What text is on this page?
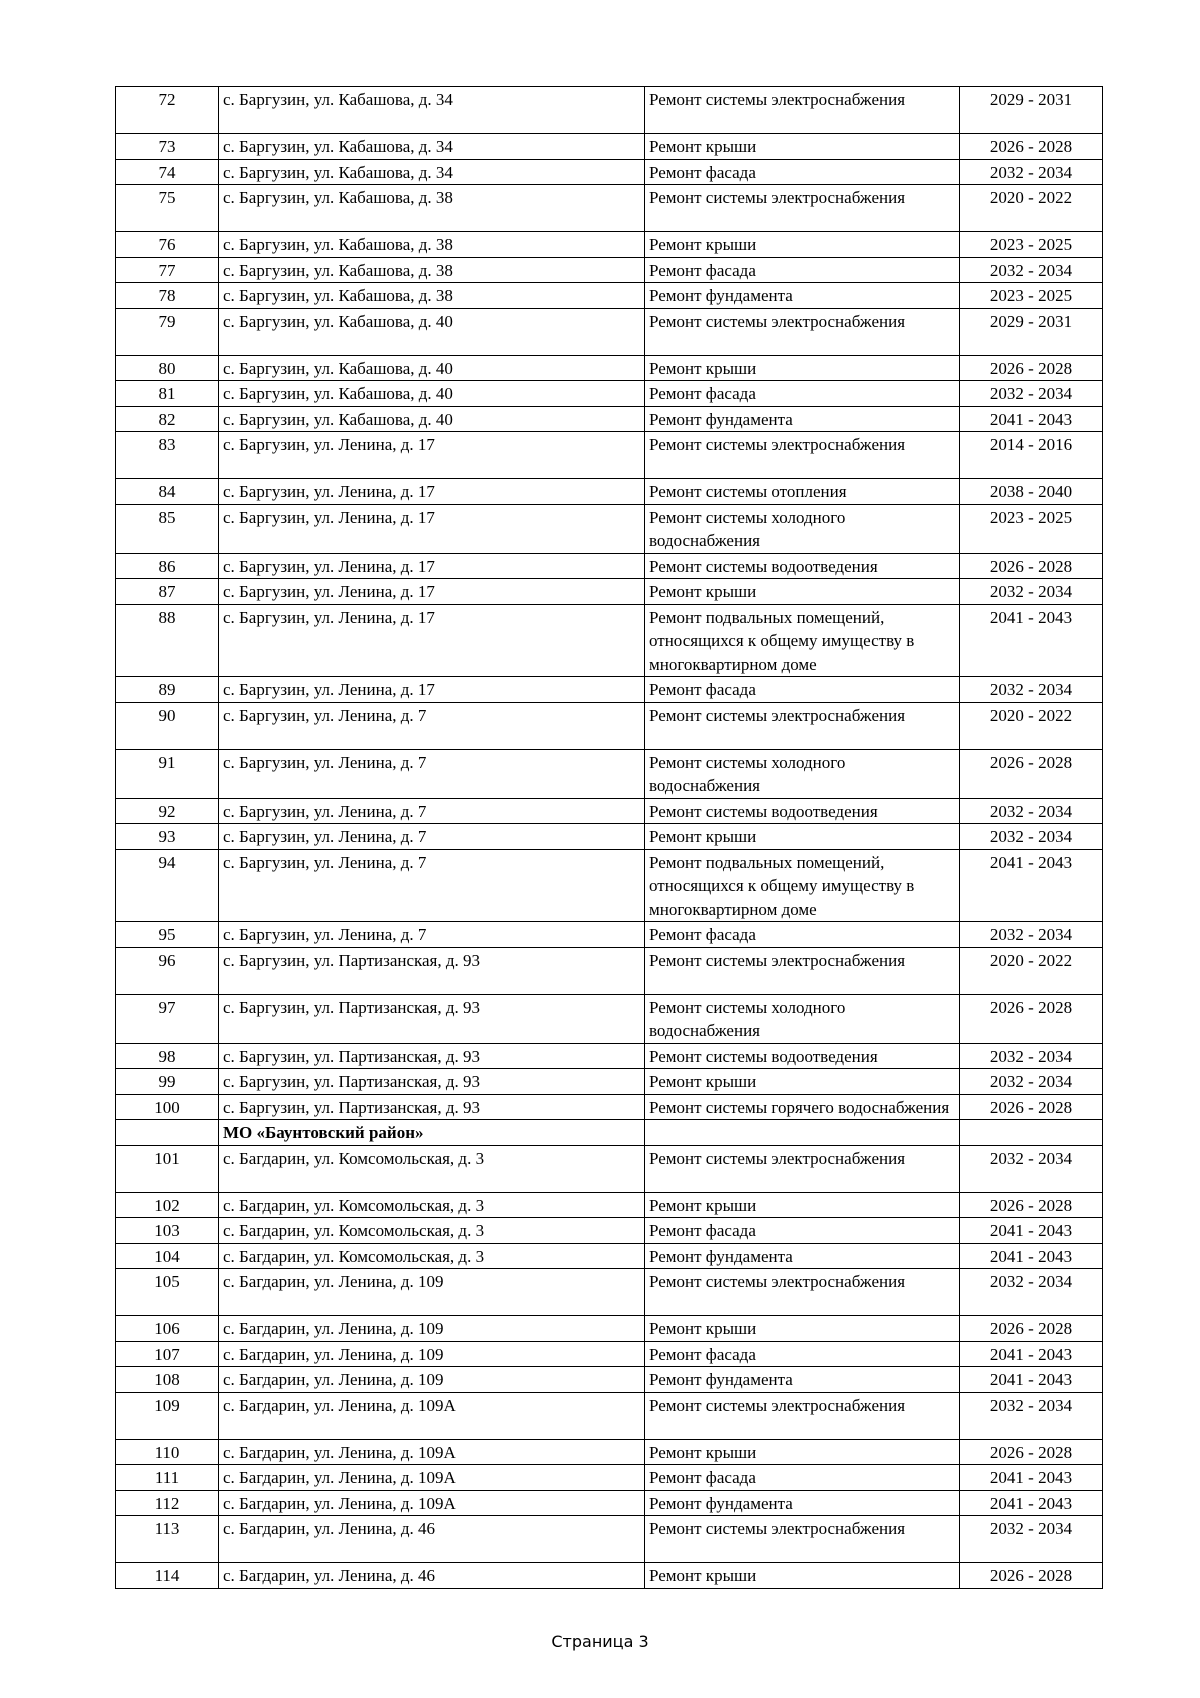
72	с. Баргузин, ул. Кабашова, д. 34	Ремонт системы электроснабжения	2029 - 2031
73	с. Баргузин, ул. Кабашова, д. 34	Ремонт крыши	2026 - 2028
74	с. Баргузин, ул. Кабашова, д. 34	Ремонт фасада	2032 - 2034
75	с. Баргузин, ул. Кабашова, д. 38	Ремонт системы электроснабжения	2020 - 2022
76	с. Баргузин, ул. Кабашова, д. 38	Ремонт крыши	2023 - 2025
77	с. Баргузин, ул. Кабашова, д. 38	Ремонт фасада	2032 - 2034
78	с. Баргузин, ул. Кабашова, д. 38	Ремонт фундамента	2023 - 2025
79	с. Баргузин, ул. Кабашова, д. 40	Ремонт системы электроснабжения	2029 - 2031
80	с. Баргузин, ул. Кабашова, д. 40	Ремонт крыши	2026 - 2028
81	с. Баргузин, ул. Кабашова, д. 40	Ремонт фасада	2032 - 2034
82	с. Баргузин, ул. Кабашова, д. 40	Ремонт фундамента	2041 - 2043
83	с. Баргузин, ул. Ленина, д. 17	Ремонт системы электроснабжения	2014 - 2016
84	с. Баргузин, ул. Ленина, д. 17	Ремонт системы отопления	2038 - 2040
85	с. Баргузин, ул. Ленина, д. 17	Ремонт системы холодного водоснабжения	2023 - 2025
86	с. Баргузин, ул. Ленина, д. 17	Ремонт системы водоотведения	2026 - 2028
87	с. Баргузин, ул. Ленина, д. 17	Ремонт крыши	2032 - 2034
88	с. Баргузин, ул. Ленина, д. 17	Ремонт подвальных помещений, относящихся к общему имуществу в многоквартирном доме	2041 - 2043
89	с. Баргузин, ул. Ленина, д. 17	Ремонт фасада	2032 - 2034
90	с. Баргузин, ул. Ленина, д. 7	Ремонт системы электроснабжения	2020 - 2022
91	с. Баргузин, ул. Ленина, д. 7	Ремонт системы холодного водоснабжения	2026 - 2028
92	с. Баргузин, ул. Ленина, д. 7	Ремонт системы водоотведения	2032 - 2034
93	с. Баргузин, ул. Ленина, д. 7	Ремонт крыши	2032 - 2034
94	с. Баргузин, ул. Ленина, д. 7	Ремонт подвальных помещений, относящихся к общему имуществу в многоквартирном доме	2041 - 2043
95	с. Баргузин, ул. Ленина, д. 7	Ремонт фасада	2032 - 2034
96	с. Баргузин, ул. Партизанская, д. 93	Ремонт системы электроснабжения	2020 - 2022
97	с. Баргузин, ул. Партизанская, д. 93	Ремонт системы холодного водоснабжения	2026 - 2028
98	с. Баргузин, ул. Партизанская, д. 93	Ремонт системы водоотведения	2032 - 2034
99	с. Баргузин, ул. Партизанская, д. 93	Ремонт крыши	2032 - 2034
100	с. Баргузин, ул. Партизанская, д. 93	Ремонт системы горячего водоснабжения	2026 - 2028
	МО «Баунтовский район»		
101	с. Багдарин, ул. Комсомольская, д. 3	Ремонт системы электроснабжения	2032 - 2034
102	с. Багдарин, ул. Комсомольская, д. 3	Ремонт крыши	2026 - 2028
103	с. Багдарин, ул. Комсомольская, д. 3	Ремонт фасада	2041 - 2043
104	с. Багдарин, ул. Комсомольская, д. 3	Ремонт фундамента	2041 - 2043
105	с. Багдарин, ул. Ленина, д. 109	Ремонт системы электроснабжения	2032 - 2034
106	с. Багдарин, ул. Ленина, д. 109	Ремонт крыши	2026 - 2028
107	с. Багдарин, ул. Ленина, д. 109	Ремонт фасада	2041 - 2043
108	с. Багдарин, ул. Ленина, д. 109	Ремонт фундамента	2041 - 2043
109	с. Багдарин, ул. Ленина, д. 109А	Ремонт системы электроснабжения	2032 - 2034
110	с. Багдарин, ул. Ленина, д. 109А	Ремонт крыши	2026 - 2028
111	с. Багдарин, ул. Ленина, д. 109А	Ремонт фасада	2041 - 2043
112	с. Багдарин, ул. Ленина, д. 109А	Ремонт фундамента	2041 - 2043
113	с. Багдарин, ул. Ленина, д. 46	Ремонт системы электроснабжения	2032 - 2034
114	с. Багдарин, ул. Ленина, д. 46	Ремонт крыши	2026 - 2028
Страница 3
